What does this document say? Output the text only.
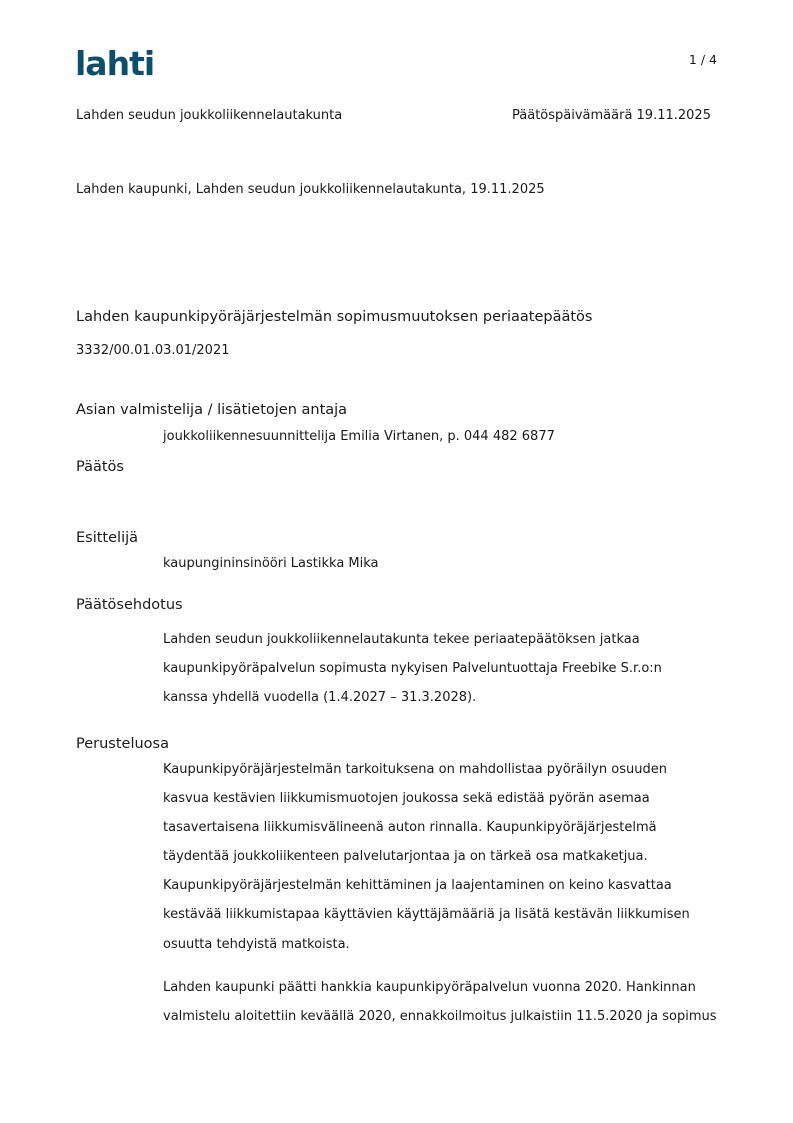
lahti	1 / 4
Lahden seudun joukkoliikennelautakunta	Päätöspäivämäärä 19.11.2025
Lahden kaupunki, Lahden seudun joukkoliikennelautakunta, 19.11.2025
Lahden kaupunkipyöräjärjestelmän sopimusmuutoksen periaatepäätös
3332/00.01.03.01/2021
Asian valmistelija / lisätietojen antaja
joukkoliikennesuunnittelija Emilia Virtanen, p. 044 482 6877
Päätös
Esittelijä
kaupungininsinööri Lastikka Mika
Päätösehdotus
Lahden seudun joukkoliikennelautakunta tekee periaatepäätöksen jatkaa
kaupunkipyöräpalvelun sopimusta nykyisen Palveluntuottaja Freebike S.r.o:n
kanssa yhdellä vuodella (1.4.2027 – 31.3.2028).
Perusteluosa
Kaupunkipyöräjärjestelmän tarkoituksena on mahdollistaa pyöräilyn osuuden
kasvua kestävien liikkumismuotojen joukossa sekä edistää pyörän asemaa
tasavertaisena liikkumisvälineenä auton rinnalla. Kaupunkipyöräjärjestelmä
täydentää joukkoliikenteen palvelutarjontaa ja on tärkeä osa matkaketjua.
Kaupunkipyöräjärjestelmän kehittäminen ja laajentaminen on keino kasvattaa
kestävää liikkumistapaa käyttävien käyttäjämääriä ja lisätä kestävän liikkumisen
osuutta tehdyistä matkoista.
Lahden kaupunki päätti hankkia kaupunkipyöräpalvelun vuonna 2020. Hankinnan
valmistelu aloitettiin keväällä 2020, ennakkoilmoitus julkaistiin 11.5.2020 ja sopimus
